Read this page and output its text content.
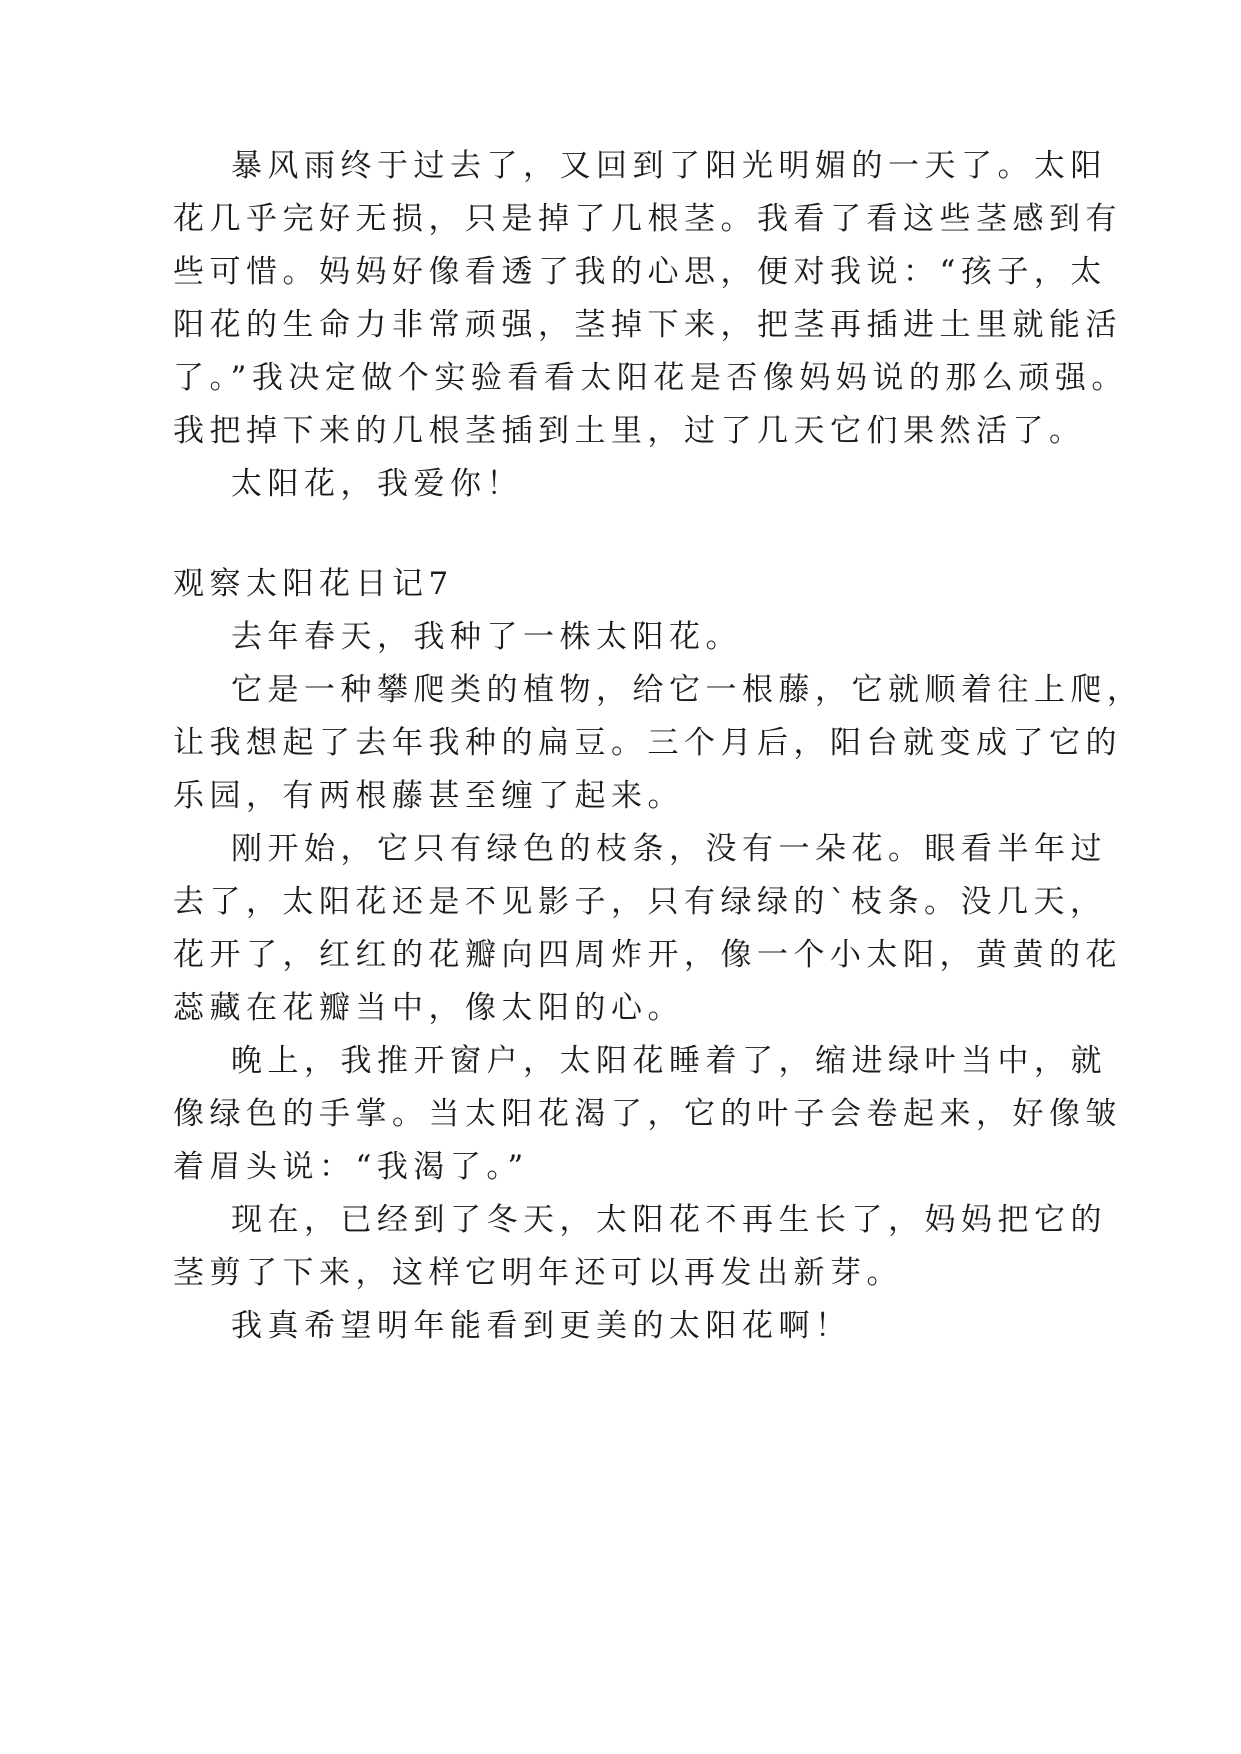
暴风雨终于过去了，又回到了阳光明媚的一天了。太阳
花几乎完好无损，只是掉了几根茎。我看了看这些茎感到有
些可惜。妈妈好像看透了我的心思，便对我说：“孩子，太
阳花的生命力非常顽强，茎掉下来，把茎再插进土里就能活
了。”我决定做个实验看看太阳花是否像妈妈说的那么顽强。
我把掉下来的几根茎插到土里，过了几天它们果然活了。
太阳花，我爱你！
观察太阳花日记7
去年春天，我种了一株太阳花。
它是一种攀爬类的植物，给它一根藤，它就顺着往上爬，
让我想起了去年我种的扁豆。三个月后，阳台就变成了它的
乐园，有两根藤甚至缠了起来。
刚开始，它只有绿色的枝条，没有一朵花。眼看半年过
去了，太阳花还是不见影子，只有绿绿的`枝条。没几天，
花开了，红红的花瓣向四周炸开，像一个小太阳，黄黄的花
蕊藏在花瓣当中，像太阳的心。
晚上，我推开窗户，太阳花睡着了，缩进绿叶当中，就
像绿色的手掌。当太阳花渴了，它的叶子会卷起来，好像皱
着眉头说：“我渴了。”
现在，已经到了冬天，太阳花不再生长了，妈妈把它的
茎剪了下来，这样它明年还可以再发出新芽。
我真希望明年能看到更美的太阳花啊！
